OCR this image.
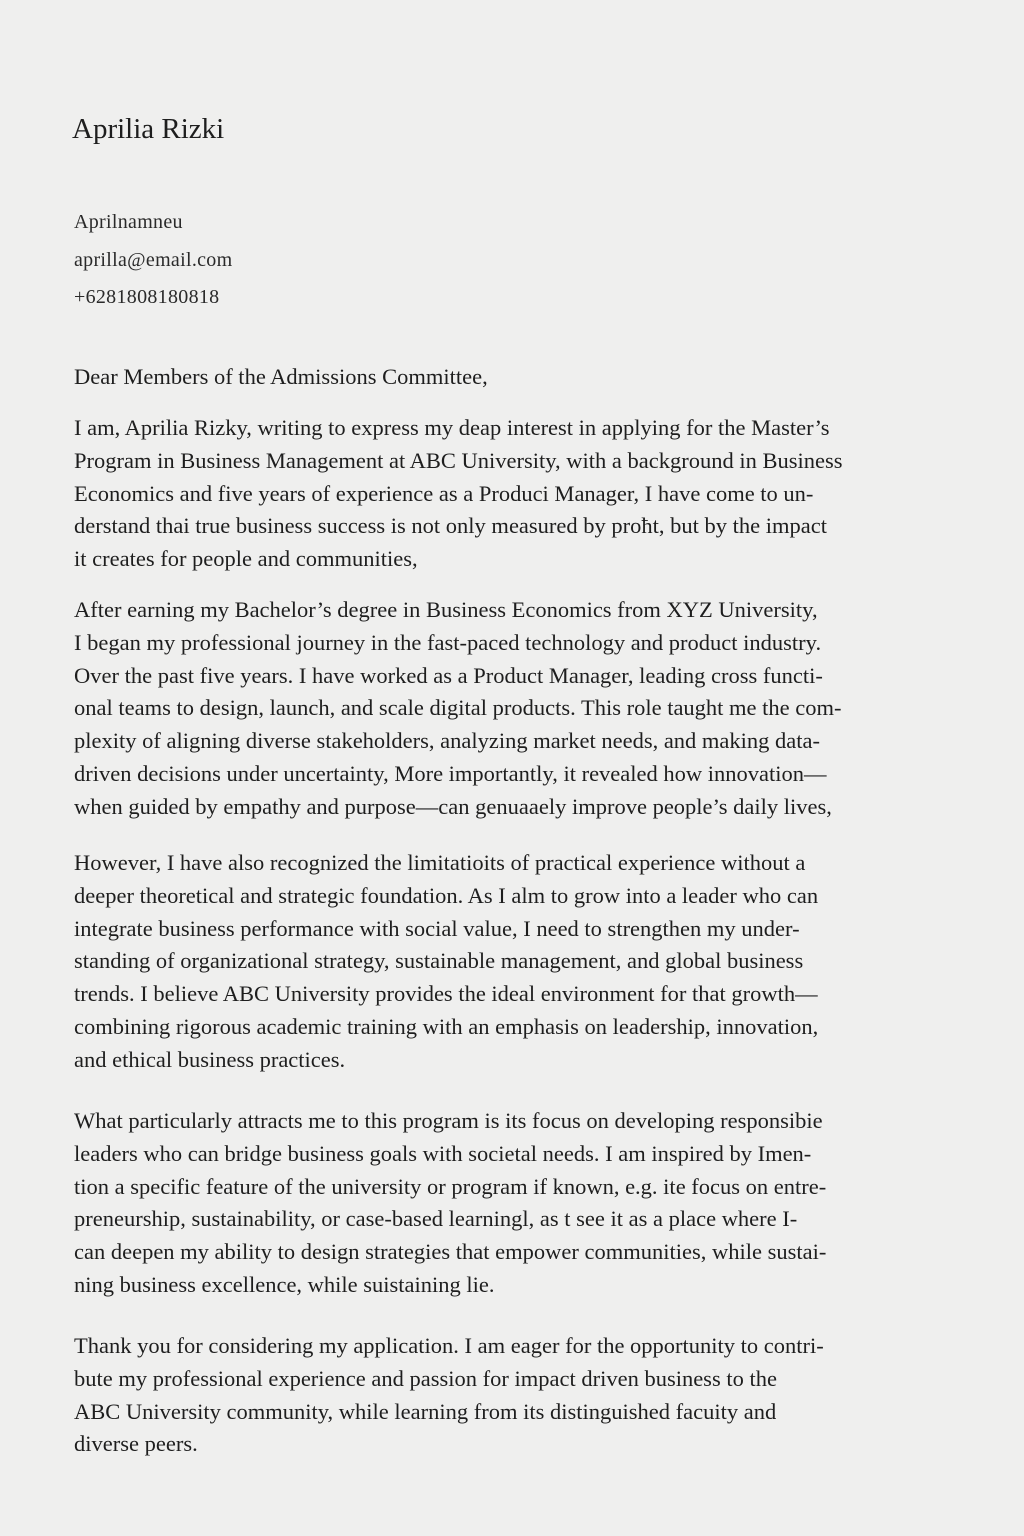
Aprilia Rizki
Aprilnamneu
aprilla@email.com
+6281808180818
Dear Members of the Admissions Committee,
I am, Aprilia Rizky, writing to express my deap interest in applying for the Master’s
Program in Business Management at ABC University, with a background in Business
Economics and five years of experience as a Produci Manager, I have come to un-
derstand thai true business success is not only measured by proћt, but by the impact
it creates for people and communities,
After earning my Bachelor’s degree in Business Economics from XYZ University,
I began my professional journey in the fast-paced technology and product industry.
Over the past five years. I have worked as a Product Manager, leading cross functi-
onal teams to design, launch, and scale digital products. This role taught me the com-
plexity of aligning diverse stakeholders, analyzing market needs, and making data-
driven decisions under uncertainty, More importantly, it revealed how innovation—
when guided by empathy and purpose—can genuaaely improve people’s daily lives,
However, I have also recognized the limitatioits of practical experience without a
deeper theoretical and strategic foundation. As I alm to grow into a leader who can
integrate business performance with social value, I need to strengthen my under-
standing of organizational strategy, sustainable management, and global business
trends. I believe ABC University provides the ideal environment for that growth—
combining rigorous academic training with an emphasis on leadership, innovation,
and ethical business practices.
What particularly attracts me to this program is its focus on developing responsibie
leaders who can bridge business goals with societal needs. I am inspired by Imen-
tion a specific feature of the university or program if known, e.g. ite focus on entre-
preneurship, sustainability, or case-based learningl, as t see it as a place where I-
can deepen my ability to design strategies that empower communities, while sustai-
ning business excellence, while suistaining lie.
Thank you for considering my application. I am eager for the opportunity to contri-
bute my professional experience and passion for impact driven business to the
ABC University community, while learning from its distinguished facuity and
diverse peers.
